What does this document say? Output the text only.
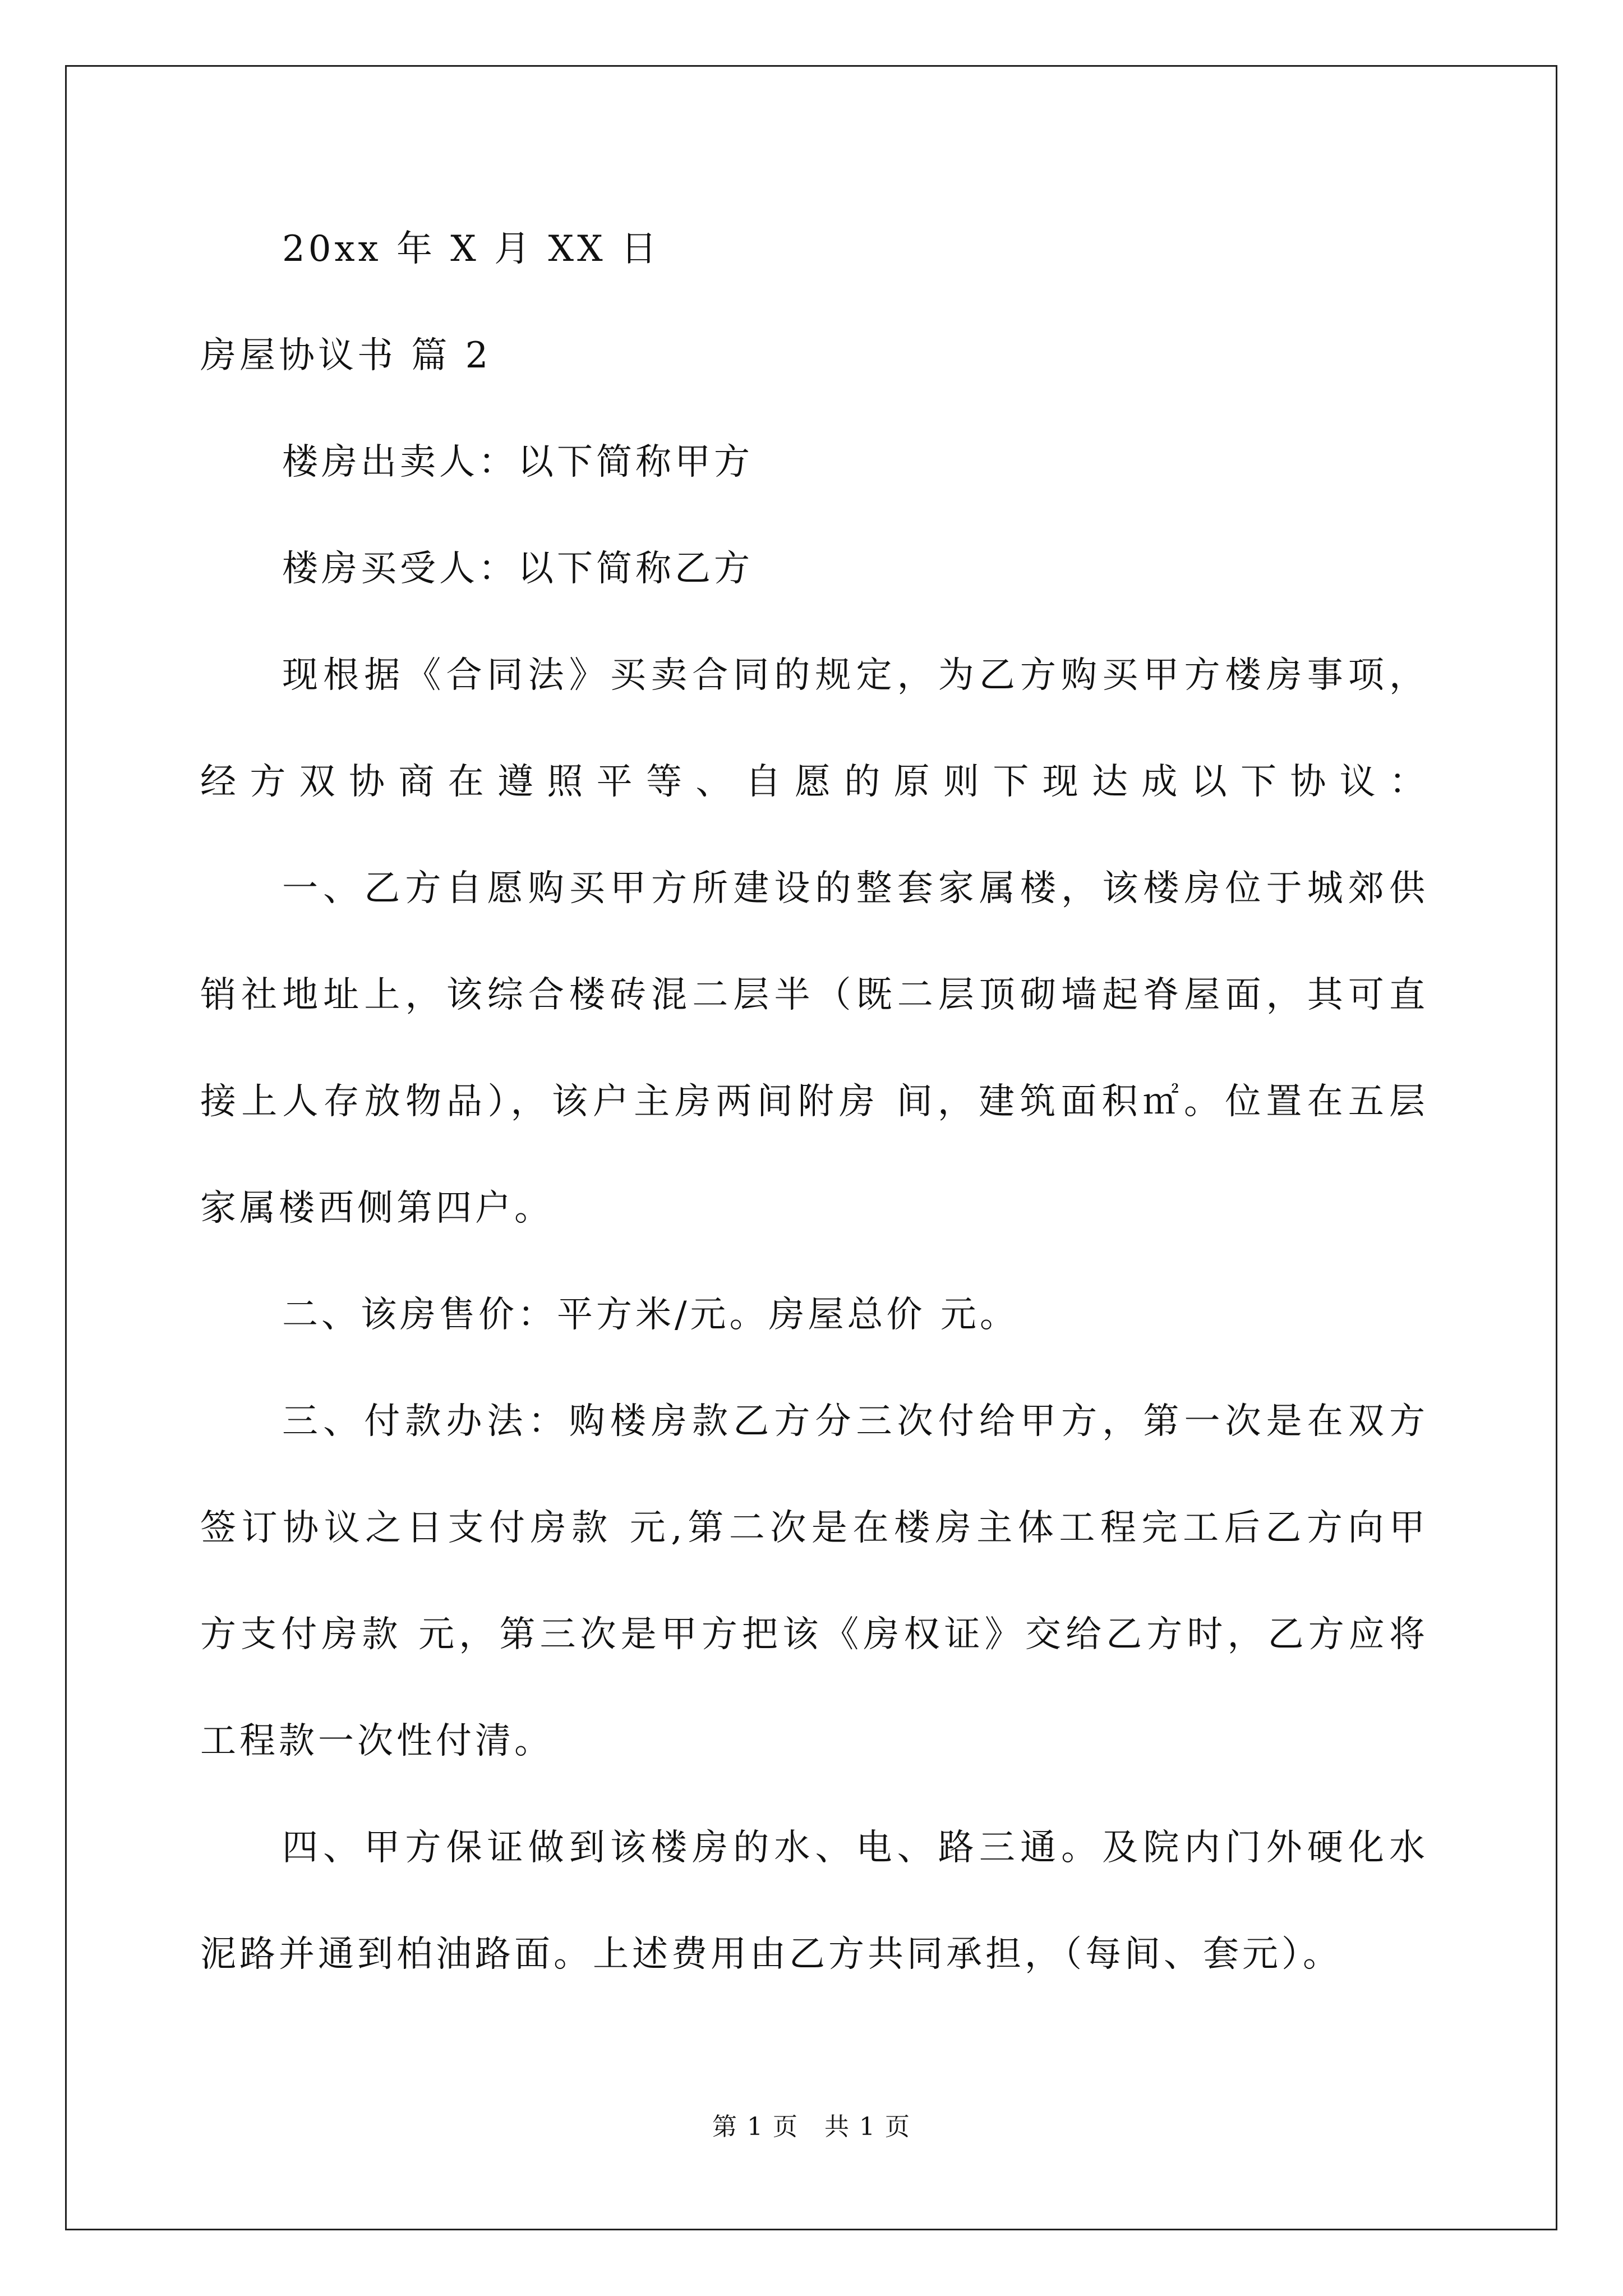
20xx 年 X 月 XX 日
房屋协议书 篇 2
楼房出卖人：以下简称甲方
楼房买受人：以下简称乙方
现根据《合同法》买卖合同的规定，为乙方购买甲方楼房事项，
经方双协商在遵照平等、自愿的原则下现达成以下协议：
一、乙方自愿购买甲方所建设的整套家属楼，该楼房位于城郊供
销社地址上，该综合楼砖混二层半（既二层顶砌墙起脊屋面，其可直
接上人存放物品），该户主房两间附房 间，建筑面积㎡。位置在五层
家属楼西侧第四户。
二、该房售价：平方米/元。房屋总价 元。
三、付款办法：购楼房款乙方分三次付给甲方，第一次是在双方
签订协议之日支付房款 元,第二次是在楼房主体工程完工后乙方向甲
方支付房款 元，第三次是甲方把该《房权证》交给乙方时，乙方应将
工程款一次性付清。
四、甲方保证做到该楼房的水、电、路三通。及院内门外硬化水
泥路并通到柏油路面。上述费用由乙方共同承担，（每间、套元）。
第 1 页　共 1 页
